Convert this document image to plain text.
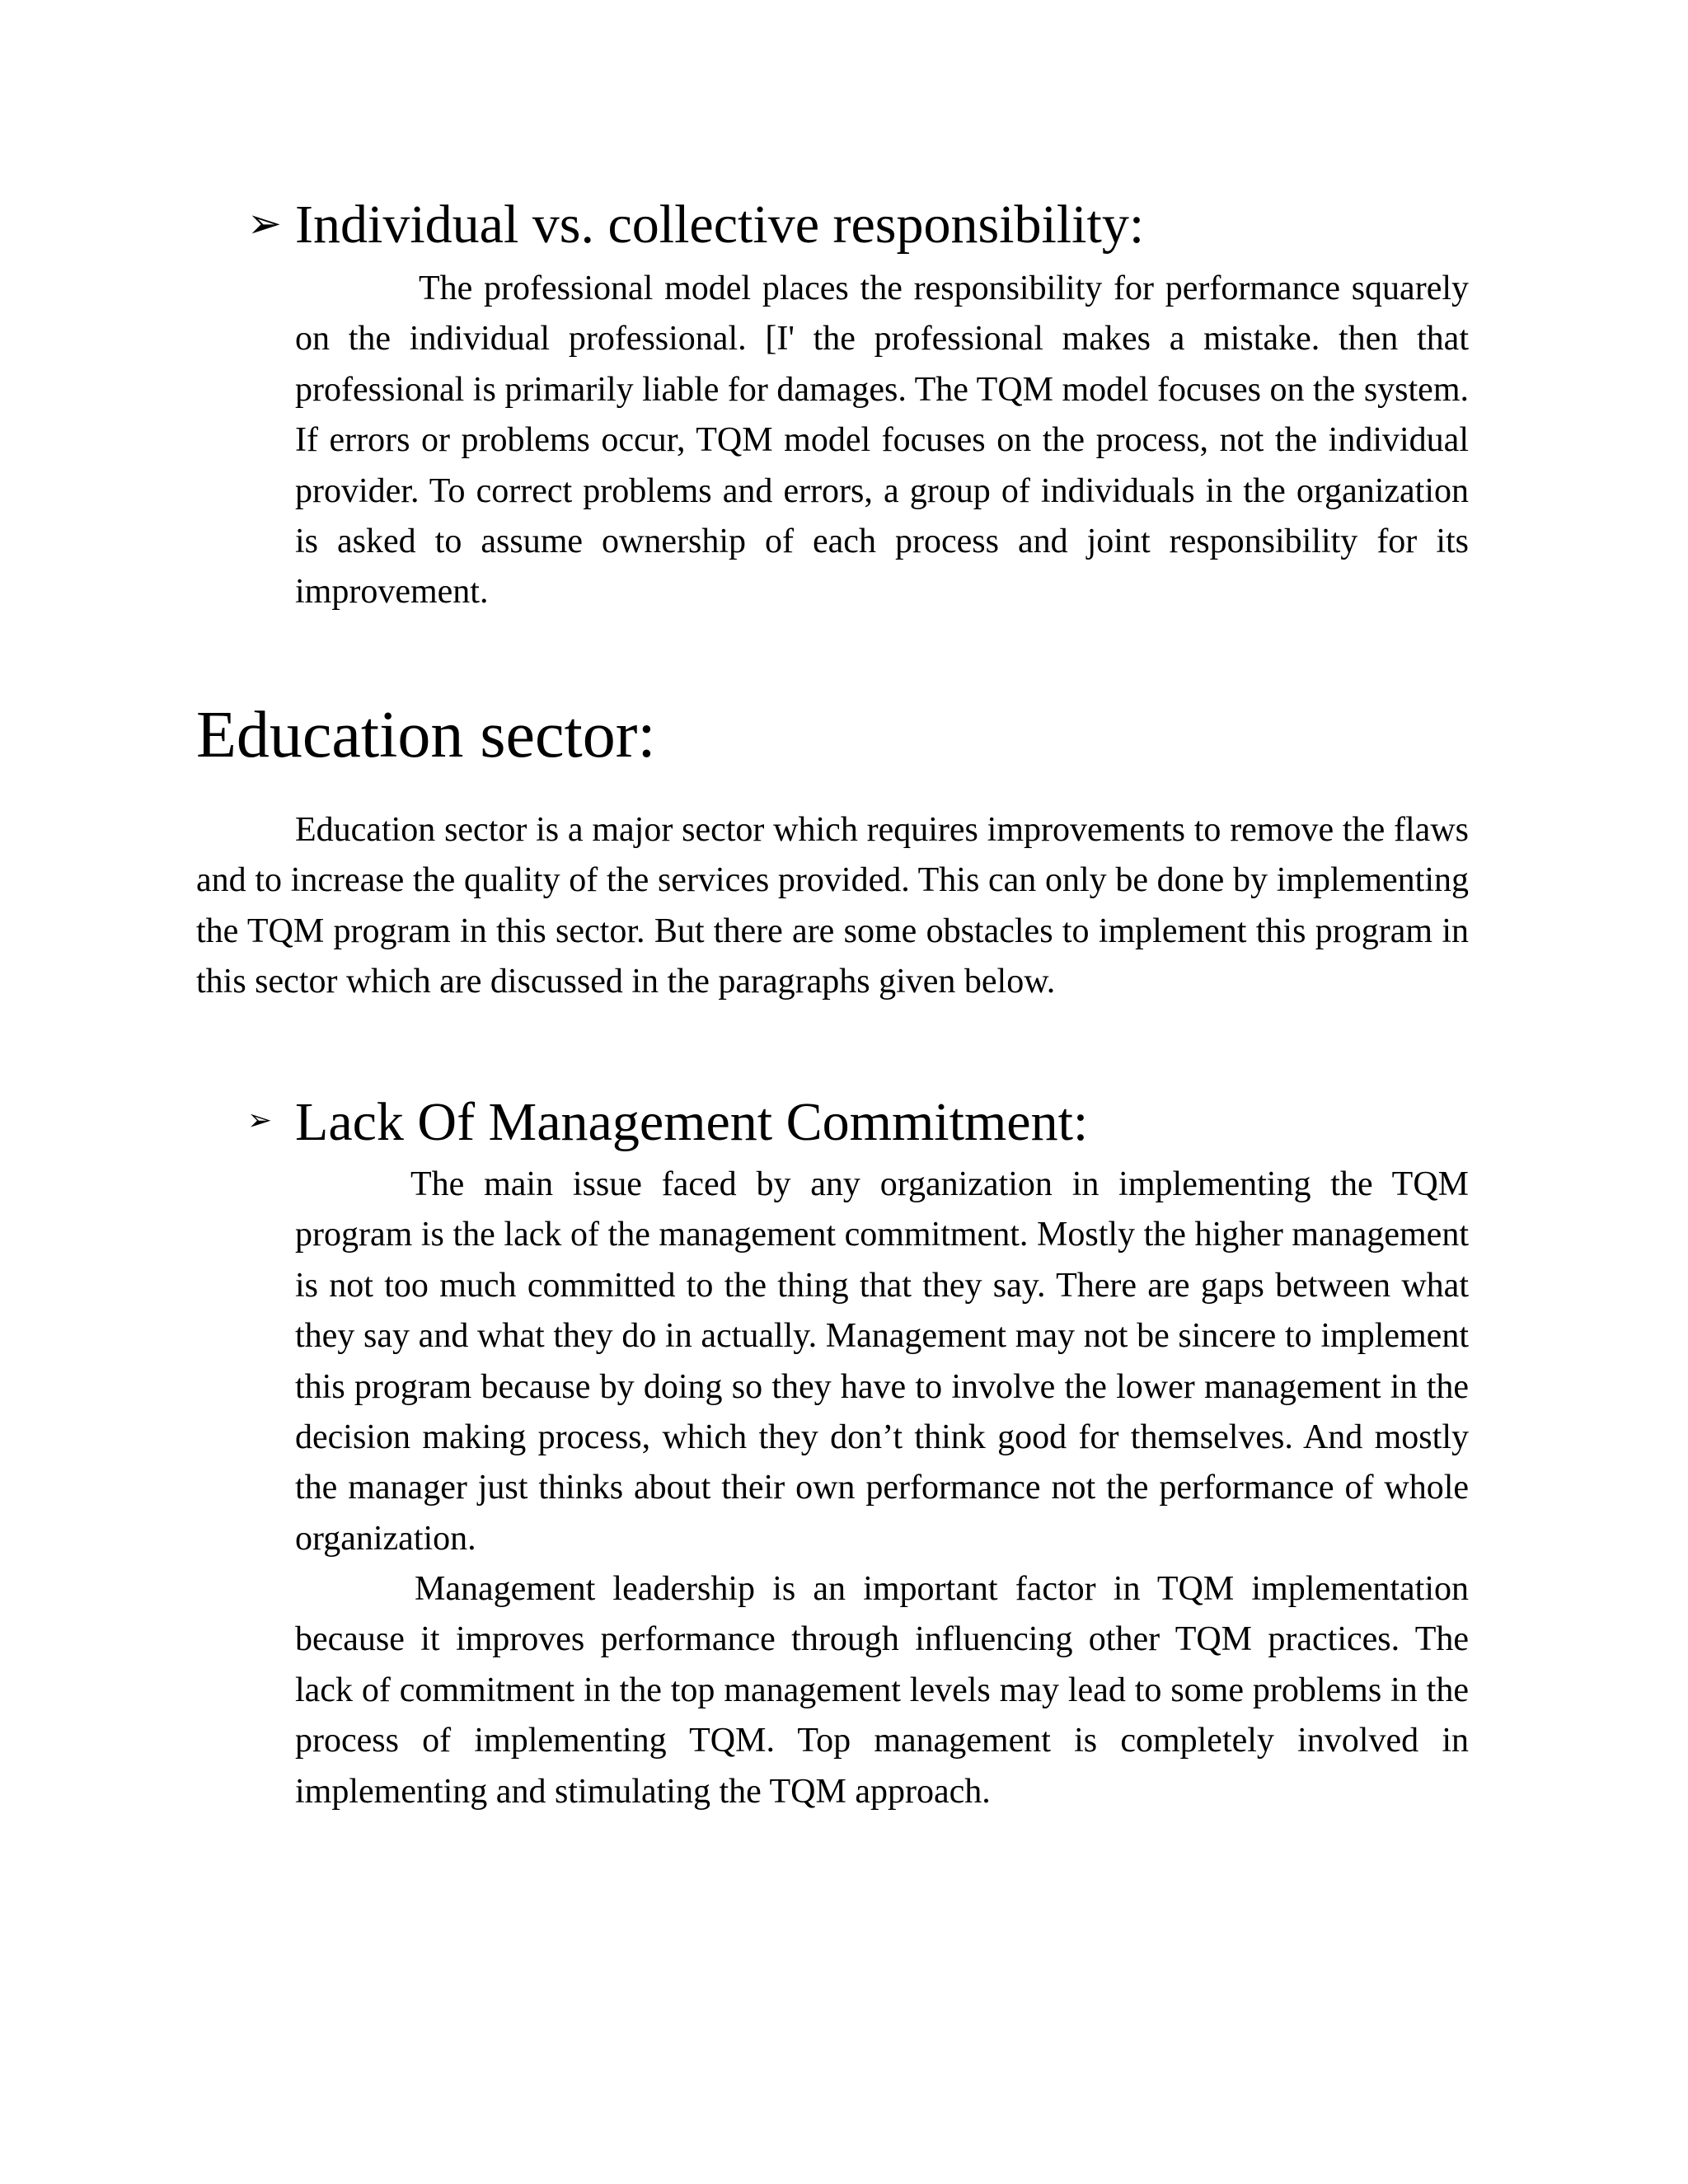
➢ Individual vs. collective responsibility:

The professional model places the responsibility for performance squarely on the individual professional. [I' the professional makes a mistake. then that professional is primarily liable for damages. The TQM model focuses on the system. If errors or problems occur, TQM model focuses on the process, not the individual provider. To correct problems and errors, a group of individuals in the organization is asked to assume ownership of each process and joint responsibility for its improvement.

Education sector:

Education sector is a major sector which requires improvements to remove the flaws and to increase the quality of the services provided. This can only be done by implementing the TQM program in this sector. But there are some obstacles to implement this program in this sector which are discussed in the paragraphs given below.

➢ Lack Of Management Commitment:

The main issue faced by any organization in implementing the TQM program is the lack of the management commitment. Mostly the higher management is not too much committed to the thing that they say. There are gaps between what they say and what they do in actually. Management may not be sincere to implement this program because by doing so they have to involve the lower management in the decision making process, which they don’t think good for themselves. And mostly the manager just thinks about their own performance not the performance of whole organization.

Management leadership is an important factor in TQM implementation because it improves performance through influencing other TQM practices. The lack of commitment in the top management levels may lead to some problems in the process of implementing TQM. Top management is completely involved in implementing and stimulating the TQM approach.
